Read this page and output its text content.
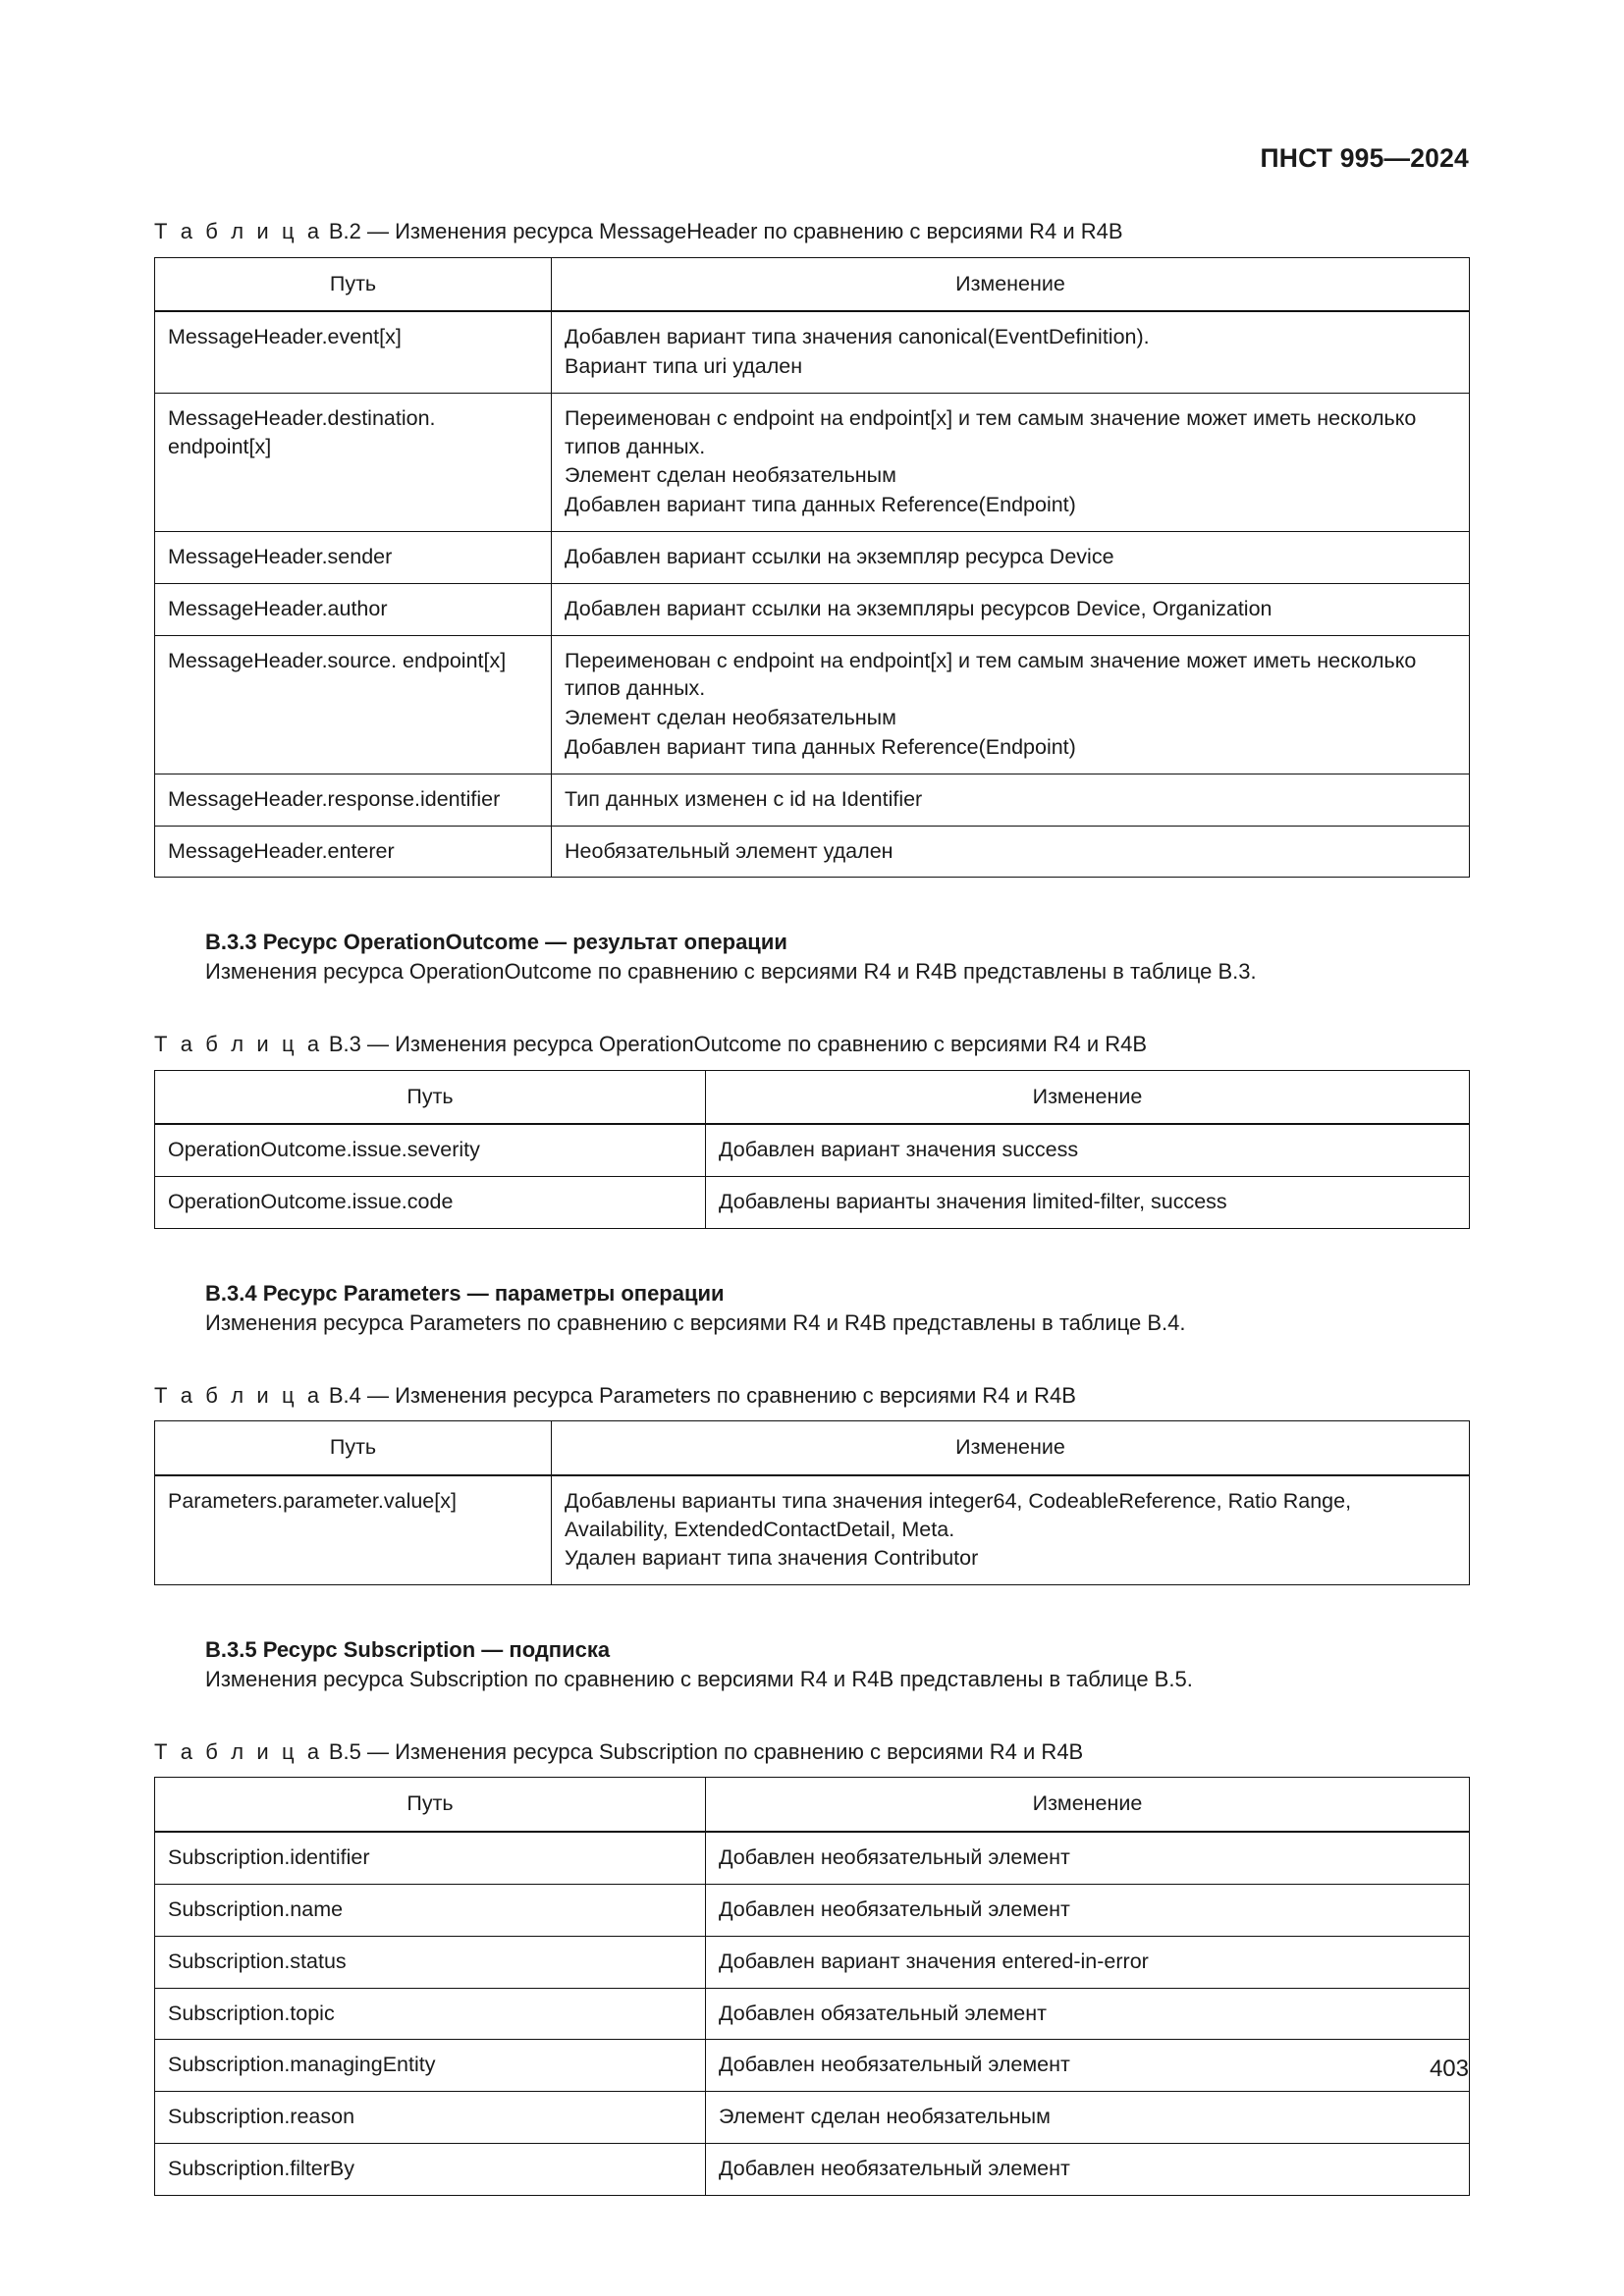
ПНСТ 995—2024

Т а б л и ц а В.2 — Изменения ресурса MessageHeader по сравнению с версиями R4 и R4B

Путь	Изменение
MessageHeader.event[x]	Добавлен вариант типа значения canonical(EventDefinition).
Вариант типа uri удален

MessageHeader.destination. endpoint[x]	Переименован с endpoint на endpoint[x] и тем самым значение может иметь несколько типов данных.
Элемент сделан необязательным
Добавлен вариант типа данных Reference(Endpoint)

MessageHeader.sender	Добавлен вариант ссылки на экземпляр ресурса Device

MessageHeader.author	Добавлен вариант ссылки на экземпляры ресурсов Device, Organization

MessageHeader.source. endpoint[x]	Переименован с endpoint на endpoint[x] и тем самым значение может иметь несколько типов данных.
Элемент сделан необязательным
Добавлен вариант типа данных Reference(Endpoint)

MessageHeader.response.identifier	Тип данных изменен с id на Identifier

MessageHeader.enterer	Необязательный элемент удален
В.3.3 Ресурс OperationOutcome — результат операции

Изменения ресурса OperationOutcome по сравнению с версиями R4 и R4B представлены в таблице В.3.

Т а б л и ц а В.3 — Изменения ресурса OperationOutcome по сравнению с версиями R4 и R4B

Путь	Изменение
OperationOutcome.issue.severity	Добавлен вариант значения success

OperationOutcome.issue.code	Добавлены варианты значения limited-filter, success
В.3.4 Ресурс Parameters — параметры операции

Изменения ресурса Parameters по сравнению с версиями R4 и R4B представлены в таблице В.4.

Т а б л и ц а В.4 — Изменения ресурса Parameters по сравнению с версиями R4 и R4B

Путь	Изменение
Parameters.parameter.value[x]	Добавлены варианты типа значения integer64, CodeableReference, Ratio Range, Availability, ExtendedContactDetail, Meta.
Удален вариант типа значения Contributor
В.3.5 Ресурс Subscription — подписка

Изменения ресурса Subscription по сравнению с версиями R4 и R4B представлены в таблице В.5.

Т а б л и ц а В.5 — Изменения ресурса Subscription по сравнению с версиями R4 и R4B

Путь	Изменение
Subscription.identifier	Добавлен необязательный элемент

Subscription.name	Добавлен необязательный элемент

Subscription.status	Добавлен вариант значения entered-in-error

Subscription.topic	Добавлен обязательный элемент

Subscription.managingEntity	Добавлен необязательный элемент

Subscription.reason	Элемент сделан необязательным

Subscription.filterBy	Добавлен необязательный элемент
403
